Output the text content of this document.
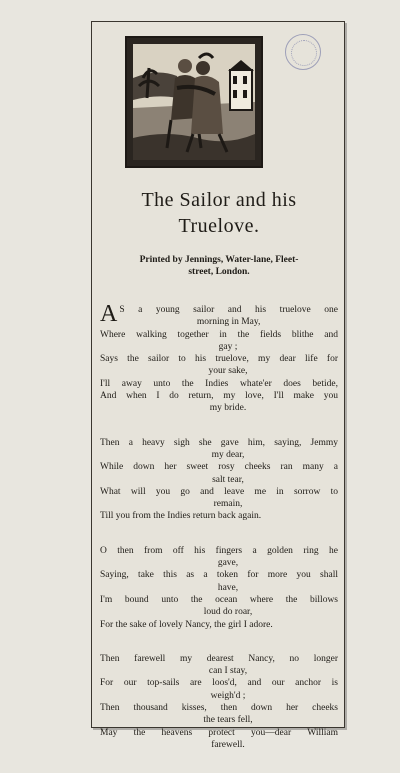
The Sailor and his
Truelove.
Printed by Jennings, Water-lane, Fleet-
street, London.
A S a young sailor and his truelove one
morning in May,
Where walking together in the fields blithe and
gay ;
Says the sailor to his truelove, my dear life for
your sake,
I'll away unto the Indies whate'er does betide,
And when I do return, my love, I'll make you
my bride.
Then a heavy sigh she gave him, saying, Jemmy
my dear,
While down her sweet rosy cheeks ran many a
salt tear,
What will you go and leave me in sorrow to
remain,
Till you from the Indies return back again.
O then from off his fingers a golden ring he
gave,
Saying, take this as a token for more you shall
have,
I'm bound unto the ocean where the billows
loud do roar,
For the sake of lovely Nancy, the girl I adore.
Then farewell my dearest Nancy, no longer
can I stay,
For our top-sails are loos'd, and our anchor is
weigh'd ;
Then thousand kisses, then down her cheeks
the tears fell,
May the heavens protect you—dear William
farewell.
